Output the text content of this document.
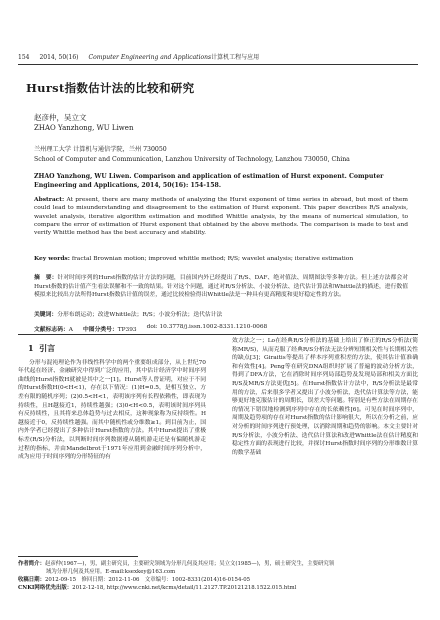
154 2014, 50(16) Computer Engineering and Applications计算机工程与应用
Hurst指数估计法的比较和研究
赵彦仲，吴立文
ZHAO Yanzhong, WU Liwen
兰州理工大学 计算机与通信学院，兰州 730050
School of Computer and Communication, Lanzhou University of Technology, Lanzhou 730050, China
ZHAO Yanzhong, WU Liwen. Comparison and application of estimation of Hurst exponent. Computer Engineering and Applications, 2014, 50(16): 154-158.
Abstract: At present, there are many methods of analyzing the Hurst exponent of time series in abroad, but most of them could lead to misunderstanding and disagreement to the estimation of Hurst exponent. This paper describes R/S analysis, wavelet analysis, iterative algorithm estimation and modified Whittle analysis, by the means of numerical simulation, to compare the error of estimation of Hurst exponent that obtained by the above methods. The comparison is made to test and verify Whittle method has the best accuracy and stability.
Key words: fractal Brownian motion; improved whittle method; R/S; wavelet analysis; iterative estimation
摘　要：针对时间序列的Hurst指数的估计方法的问题，目前国内外已经提出了R/S、DAF、绝对值法、周期图法等多种方法。但上述方法都会对Hurst指数的估计值产生看法误解和不一致的结果。针对这个问题，通过对R/S分析法、小波分析法、迭代估计算法和Whittle法的描述，进行数值模拟来比较出方法所得Hurst指数估计值的误差，通过比较检验得出Whittle法是一种具有更高精度和更好稳定性的方法。
关键词：分形布朗运动；改进Whittle法；R/S；小波分析法；迭代估计法
文献标志码：A 中图分类号：TP393 doi: 10.3778/j.issn.1002-8331.1210-0068
1 引言

分形与混沌理论作为非线性科学中的两个重要组成部分，从上世纪70年代起在经济、金融研究中得到广泛的应用，其中估计经济学中时间序列曲线的Hurst指数H就被是其中之一[1]。Hurst等人曾证明，对应于不同的Hurst指数H(0<H<1)，存在以下情况：(1)H=0.5，是相互独立、方差有限的随机序列；(2)0.5<H<1，表明该序列有长程依赖性，即表现为持续性，且H越接近1，持续性越强；(3)0<H<0.5，表明该时间序列具有反持续性，且其将来总体趋势与过去相反，这种现象称为反持续性。H越接近于0，反持续性越强。而其中随机性或分维数≥1。到目前为止，国内外学者已经提出了多种估计Hurst指数的方法。其中Hurst提出了重极标差(R/S)分析法，以判断时间序列数据遵从随机游走还是有偏随机游走过程的指标，并由Mandelbrot于1971年应用到金融时间序列分析中，成为应用于时间序列的分形特征的有

效方法之一；Lo在经典R/S分析法的基础上给出了修正的R/S分析法(简称MR/S)，从而克服了经典R/S分析法无法分辨短期相关性与长期相关性的缺点[3]；Giraitis等提出了样本序列重积差的方法，使其估计值准确和有效性[4]。Peng等在研究DNA组织时扩展了普遍的波动分析方法，得到了DFA方法，它在消除时间序列局部趋势及发现局部和相关方面比R/S及MR/S方法更优[5]。在Hurst指数估计方法中，R/S分析法是最常用的方法，后来很多学者又提出了小波分析法，迭代估计算法等方法，能够更好地克服估计的周期长，误差大等问题。特别是有些方法在周期存在的情况下错误地检测到序列中存在的长依赖性[6]。可见在时间序列中，周期及趋势项的存在对Hurst指数的估计影响很大，所以在分析之前，应对分析的时间序列进行预处理，以消除周期和趋势的影响。本文主要针对R/S分析法，小波分析法、迭代估计算法和改进Whittle法在估计精度和稳定性方面的表现进行比较，并探讨Hurst指数时间序列的分形维数计算的数学基础

作者简介：赵彦仲(1967—)，男，副主研究员，主要研究领域为分形几何及其应用；吴立文(1985—)，男，硕士研究生，主要研究领
域为分形几何及其应用。E-mail:ksexkey@163.com
收稿日期：2012-09-15　修回日期：2012-11-06　文章编号：1002-8331(2014)16-0154-05
CNKI网络优先出版：2012-12-18, http://www.cnki.net/kcms/detail/11.2127.TP.20121218.1522.015.html
